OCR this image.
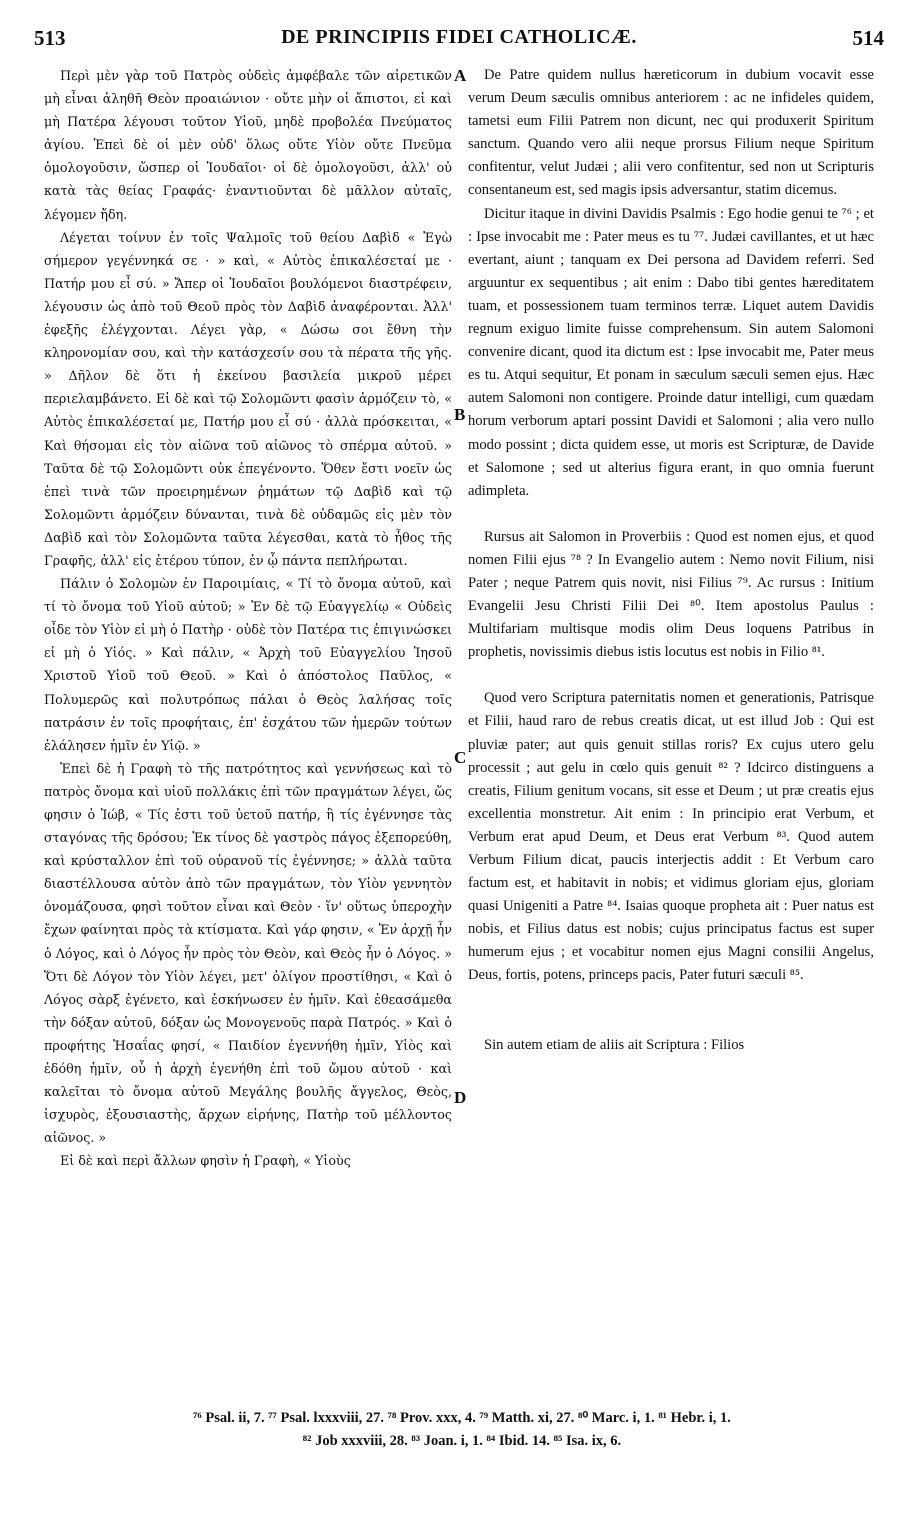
513	DE PRINCIPIIS FIDEI CATHOLICÆ.	514

Περὶ μὲν γὰρ τοῦ Πατρὸς οὐδεὶς ἀμφέβαλε τῶν αἱρετικῶν μὴ εἶναι ἀληθῆ Θεὸν προαιώνιον · οὔτε μὴν οἱ ἄπιστοι, εἰ καὶ μὴ Πατέρα λέγουσι τοῦτον Υἱοῦ, μηδὲ προβολέα Πνεύματος ἁγίου. Ἐπεὶ δὲ οἱ μὲν οὐδ' ὅλως οὔτε Υἱὸν οὔτε Πνεῦμα ὁμολογοῦσιν, ὥσπερ οἱ Ἰουδαῖοι· οἱ δὲ ὁμολογοῦσι, ἀλλ' οὐ κατὰ τὰς θείας Γραφάς· ἐναντιοῦνται δὲ μᾶλλον αὐταῖς, λέγομεν ἤδη.

Λέγεται τοίνυν ἐν τοῖς Ψαλμοῖς τοῦ θείου Δαβὶδ « Ἐγὼ σήμερον γεγέννηκά σε · » καὶ, « Αὐτὸς ἐπικαλέσεταί με · Πατήρ μου εἶ σύ. » Ἄπερ οἱ Ἰουδαῖοι βουλόμενοι διαστρέφειν, λέγουσιν ὡς ἀπὸ τοῦ Θεοῦ πρὸς τὸν Δαβὶδ ἀναφέρονται. Ἀλλ' ἐφεξῆς ἐλέγχονται. Λέγει γὰρ, « Δώσω σοι ἔθνη τὴν κληρονομίαν σου, καὶ τὴν κατάσχεσίν σου τὰ πέρατα τῆς γῆς. » Δῆλον δὲ ὅτι ἡ ἐκείνου βασιλεία μικροῦ μέρει περιελαμβάνετο. Εἰ δὲ καὶ τῷ Σολομῶντι φασὶν ἁρμόζειν τὸ, « Αὐτὸς ἐπικαλέσεταί με, Πατήρ μου εἶ σύ · ἀλλὰ πρόσκειται, « Καὶ θήσομαι εἰς τὸν αἰῶνα τοῦ αἰῶνος τὸ σπέρμα αὐτοῦ. » Ταῦτα δὲ τῷ Σολομῶντι οὐκ ἐπεγένοντο. Ὅθεν ἔστι νοεῖν ὡς ἐπεὶ τινὰ τῶν προειρημένων ῥημάτων τῷ Δαβὶδ καὶ τῷ Σολομῶντι ἁρμόζειν δύνανται, τινὰ δὲ οὐδαμῶς εἰς μὲν τὸν Δαβὶδ καὶ τὸν Σολομῶντα ταῦτα λέγεσθαι, κατὰ τὸ ἦθος τῆς Γραφῆς, ἀλλ' εἰς ἑτέρου τύπον, ἐν ᾧ πάντα πεπλήρωται.

Πάλιν ὁ Σολομὼν ἐν Παροιμίαις, « Τί τὸ ὄνομα αὐτοῦ, καὶ τί τὸ ὄνομα τοῦ Υἱοῦ αὐτοῦ; » Ἐν δὲ τῷ Εὐαγγελίῳ « Οὐδεὶς οἶδε τὸν Υἱὸν εἰ μὴ ὁ Πατὴρ · οὐδὲ τὸν Πατέρα τις ἐπιγινώσκει εἰ μὴ ὁ Υἱός. » Καὶ πάλιν, « Ἀρχὴ τοῦ Εὐαγγελίου Ἰησοῦ Χριστοῦ Υἱοῦ τοῦ Θεοῦ. » Καὶ ὁ ἀπόστολος Παῦλος, « Πολυμερῶς καὶ πολυτρόπως πάλαι ὁ Θεὸς λαλήσας τοῖς πατράσιν ἐν τοῖς προφήταις, ἐπ' ἐσχάτου τῶν ἡμερῶν τούτων ἐλάλησεν ἡμῖν ἐν Υἱῷ. »

Ἐπεὶ δὲ ἡ Γραφὴ τὸ τῆς πατρότητος καὶ γεννήσεως καὶ τὸ πατρὸς ὄνομα καὶ υἱοῦ πολλάκις ἐπὶ τῶν πραγμάτων λέγει, ὥς φησιν ὁ Ἰώβ, « Τίς ἐστι τοῦ ὑετοῦ πατήρ, ἢ τίς ἐγέννησε τὰς σταγόνας τῆς δρόσου; Ἐκ τίνος δὲ γαστρὸς πάγος ἐξεπορεύθη, καὶ κρύσταλλον ἐπὶ τοῦ οὐρανοῦ τίς ἐγέννησε; » ἀλλὰ ταῦτα διαστέλλουσα αὐτὸν ἀπὸ τῶν πραγμάτων, τὸν Υἱὸν γεννητὸν ὀνομάζουσα, φησὶ τοῦτον εἶναι καὶ Θεὸν · ἵν' οὕτως ὑπεροχὴν ἔχων φαίνηται πρὸς τὰ κτίσματα. Καὶ γάρ φησιν, « Ἐν ἀρχῇ ἦν ὁ Λόγος, καὶ ὁ Λόγος ἦν πρὸς τὸν Θεὸν, καὶ Θεὸς ἦν ὁ Λόγος. » Ὅτι δὲ Λόγον τὸν Υἱὸν λέγει, μετ' ὀλίγον προστίθησι, « Καὶ ὁ Λόγος σὰρξ ἐγένετο, καὶ ἐσκήνωσεν ἐν ἡμῖν. Καὶ ἐθεασάμεθα τὴν δόξαν αὐτοῦ, δόξαν ὡς Μονογενοῦς παρὰ Πατρός. » Καὶ ὁ προφήτης Ἡσαΐας φησί, « Παιδίον ἐγεννήθη ἡμῖν, Υἱὸς καὶ ἐδόθη ἡμῖν, οὗ ἡ ἀρχὴ ἐγενήθη ἐπὶ τοῦ ὤμου αὐτοῦ · καὶ καλεῖται τὸ ὄνομα αὐτοῦ Μεγάλης βουλῆς ἄγγελος, Θεὸς, ἰσχυρὸς, ἐξουσιαστὴς, ἄρχων εἰρήνης, Πατὴρ τοῦ μέλλοντος αἰῶνος. »

Εἰ δὲ καὶ περὶ ἄλλων φησὶν ἡ Γραφὴ, « Υἱοὺς

De Patre quidem nullus hæreticorum in dubium vocavit esse verum Deum sæculis omnibus anteriorem : ac ne infideles quidem, tametsi eum Filii Patrem non dicunt, nec qui produxerit Spiritum sanctum. Quando vero alii neque prorsus Filium neque Spiritum confitentur, velut Judæi ; alii vero confitentur, sed non ut Scripturis consentaneum est, sed magis ipsis adversantur, statim dicemus.

Dicitur itaque in divini Davidis Psalmis : Ego hodie genui te ⁷⁶ ; et : Ipse invocabit me : Pater meus es tu ⁷⁷. Judæi cavillantes, et ut hæc evertant, aiunt ; tanquam ex Dei persona ad Davidem referri. Sed arguuntur ex sequentibus ; ait enim : Dabo tibi gentes hæreditatem tuam, et possessionem tuam terminos terræ. Liquet autem Davidis regnum exiguo limite fuisse comprehensum. Sin autem Salomoni convenire dicant, quod ita dictum est : Ipse invocabit me, Pater meus es tu. Atqui sequitur, Et ponam in sæculum sæculi semen ejus. Hæc autem Salomoni non contigere. Proinde datur intelligi, cum quædam horum verborum aptari possint Davidi et Salomoni ; alia vero nullo modo possint ; dicta quidem esse, ut moris est Scripturæ, de Davide et Salomone ; sed ut alterius figura erant, in quo omnia fuerunt adimpleta.

Rursus ait Salomon in Proverbiis : Quod est nomen ejus, et quod nomen Filii ejus ⁷⁸ ? In Evangelio autem : Nemo novit Filium, nisi Pater ; neque Patrem quis novit, nisi Filius ⁷⁹. Ac rursus : Initium Evangelii Jesu Christi Filii Dei ⁸⁰. Item apostolus Paulus : Multifariam multisque modis olim Deus loquens Patribus in prophetis, novissimis diebus istis locutus est nobis in Filio ⁸¹.

Quod vero Scriptura paternitatis nomen et generationis, Patrisque et Filii, haud raro de rebus creatis dicat, ut est illud Job : Qui est pluviæ pater; aut quis genuit stillas roris? Ex cujus utero gelu processit ; aut gelu in cœlo quis genuit ⁸² ? Idcirco distinguens a creatis, Filium genitum vocans, sit esse et Deum ; ut præ creatis ejus excellentia monstretur. Ait enim : In principio erat Verbum, et Verbum erat apud Deum, et Deus erat Verbum ⁸³. Quod autem Verbum Filium dicat, paucis interjectis addit : Et Verbum caro factum est, et habitavit in nobis; et vidimus gloriam ejus, gloriam quasi Unigeniti a Patre ⁸⁴. Isaias quoque propheta ait : Puer natus est nobis, et Filius datus est nobis; cujus principatus factus est super humerum ejus ; et vocabitur nomen ejus Magni consilii Angelus, Deus, fortis, potens, princeps pacis, Pater futuri sæculi ⁸⁵.

Sin autem etiam de aliis ait Scriptura : Filios

A
B
C
D
⁷⁶ Psal. ii, 7. ⁷⁷ Psal. lxxxviii, 27. ⁷⁸ Prov. xxx, 4. ⁷⁹ Matth. xi, 27. ⁸⁰ Marc. i, 1. ⁸¹ Hebr. i, 1.
⁸² Job xxxviii, 28. ⁸³ Joan. i, 1. ⁸⁴ Ibid. 14. ⁸⁵ Isa. ix, 6.
